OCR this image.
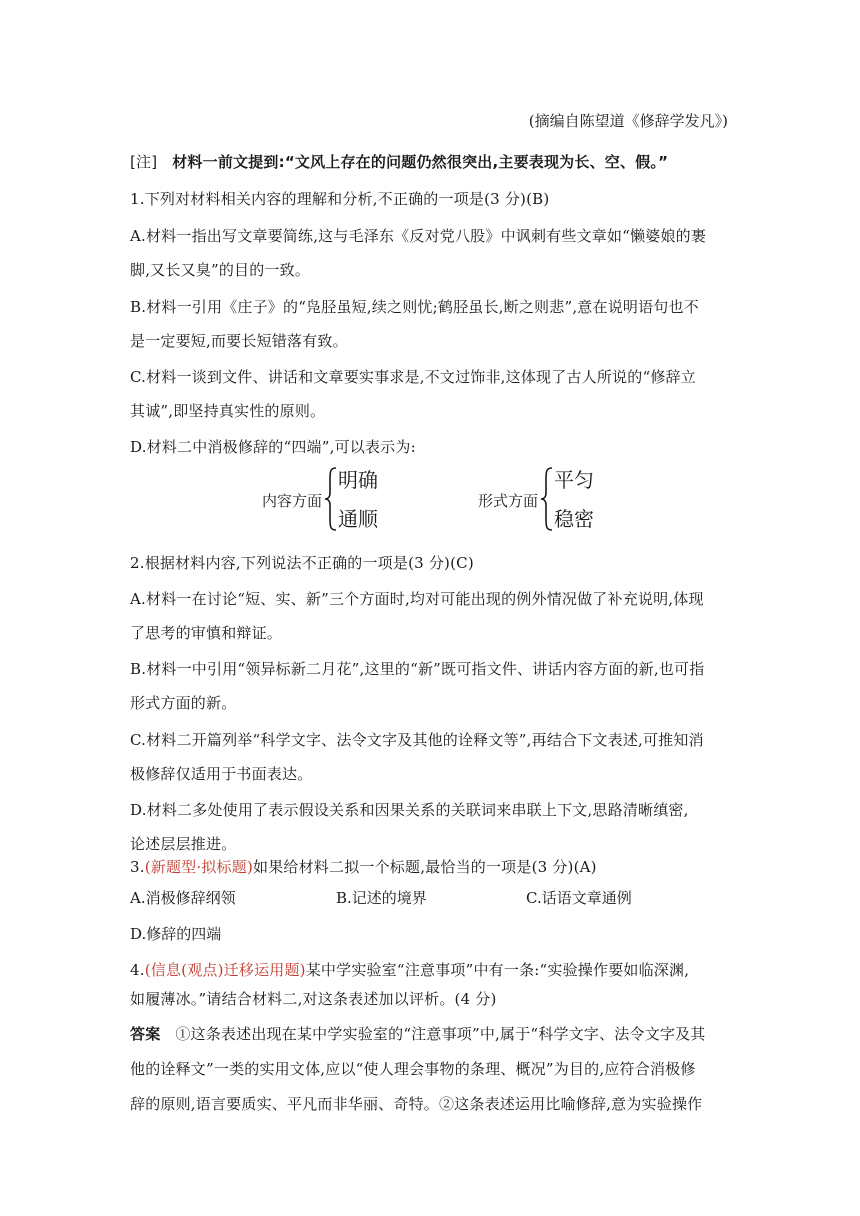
(摘编自陈望道《修辞学发凡》)
[注] 材料一前文提到:“文风上存在的问题仍然很突出,主要表现为长、空、假。”
1.下列对材料相关内容的理解和分析,不正确的一项是(3 分)(B)
A.材料一指出写文章要简练,这与毛泽东《反对党八股》中讽刺有些文章如“懒婆娘的裹
脚,又长又臭”的目的一致。
B.材料一引用《庄子》的“凫胫虽短,续之则忧;鹤胫虽长,断之则悲”,意在说明语句也不
是一定要短,而要长短错落有致。
C.材料一谈到文件、讲话和文章要实事求是,不文过饰非,这体现了古人所说的“修辞立
其诚”,即坚持真实性的原则。
D.材料二中消极修辞的“四端”,可以表示为:
内容方面
明确
通顺
形式方面
平匀
稳密
2.根据材料内容,下列说法不正确的一项是(3 分)(C)
A.材料一在讨论“短、实、新”三个方面时,均对可能出现的例外情况做了补充说明,体现
了思考的审慎和辩证。
B.材料一中引用“领异标新二月花”,这里的“新”既可指文件、讲话内容方面的新,也可指
形式方面的新。
C.材料二开篇列举“科学文字、法令文字及其他的诠释文等”,再结合下文表述,可推知消
极修辞仅适用于书面表达。
D.材料二多处使用了表示假设关系和因果关系的关联词来串联上下文,思路清晰缜密,
论述层层推进。
3.(新题型·拟标题)如果给材料二拟一个标题,最恰当的一项是(3 分)(A)
A.消极修辞纲领	B.记述的境界	C.话语文章通例
D.修辞的四端
4.(信息(观点)迁移运用题)某中学实验室“注意事项”中有一条:“实验操作要如临深渊,
如履薄冰。”请结合材料二,对这条表述加以评析。(4 分)
答案 ①这条表述出现在某中学实验室的“注意事项”中,属于“科学文字、法令文字及其
他的诠释文”一类的实用文体,应以“使人理会事物的条理、概况”为目的,应符合消极修
辞的原则,语言要质实、平凡而非华丽、奇特。②这条表述运用比喻修辞,意为实验操作
